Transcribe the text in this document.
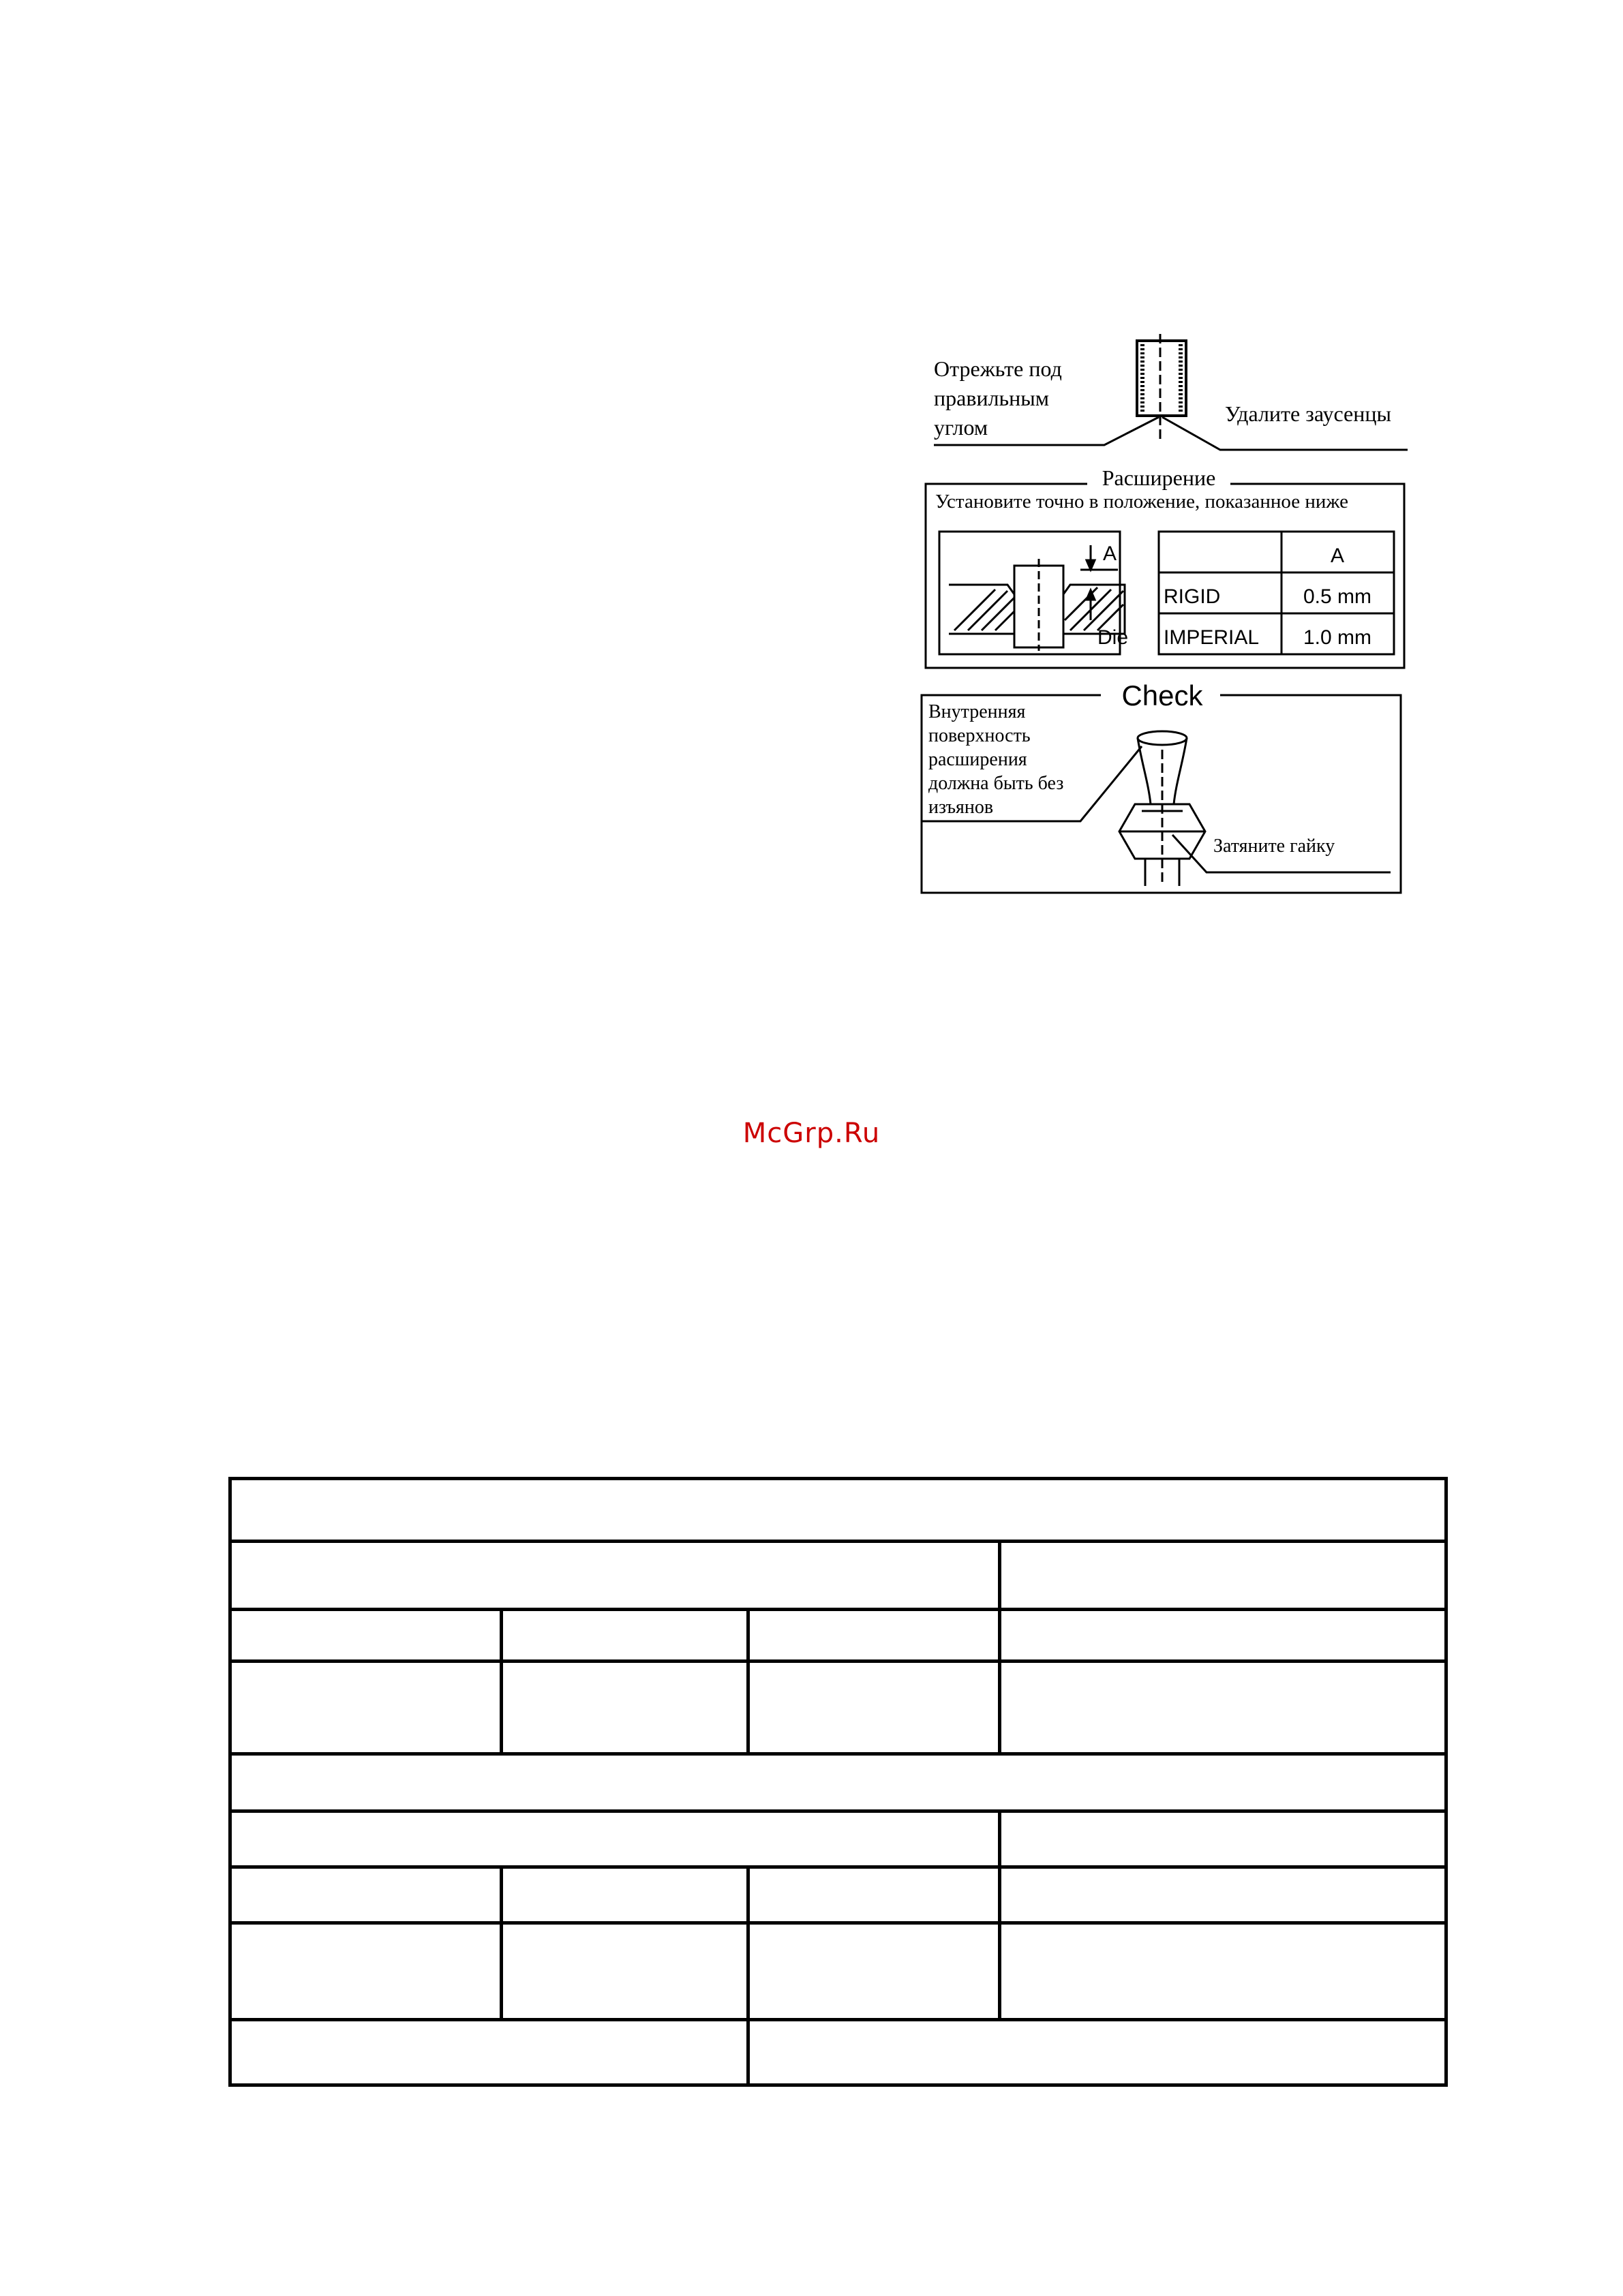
Отрежьте под
правильным
углом
Удалите заусенцы
Расширение
Установите точно в положение, показанное ниже
A
Die
A
RIGID	0.5 mm
IMPERIAL 1.0 mm
Check
Внутренняя
поверхность
расширения
должна быть без
изъянов
Затяните гайку
McGrp.Ru
